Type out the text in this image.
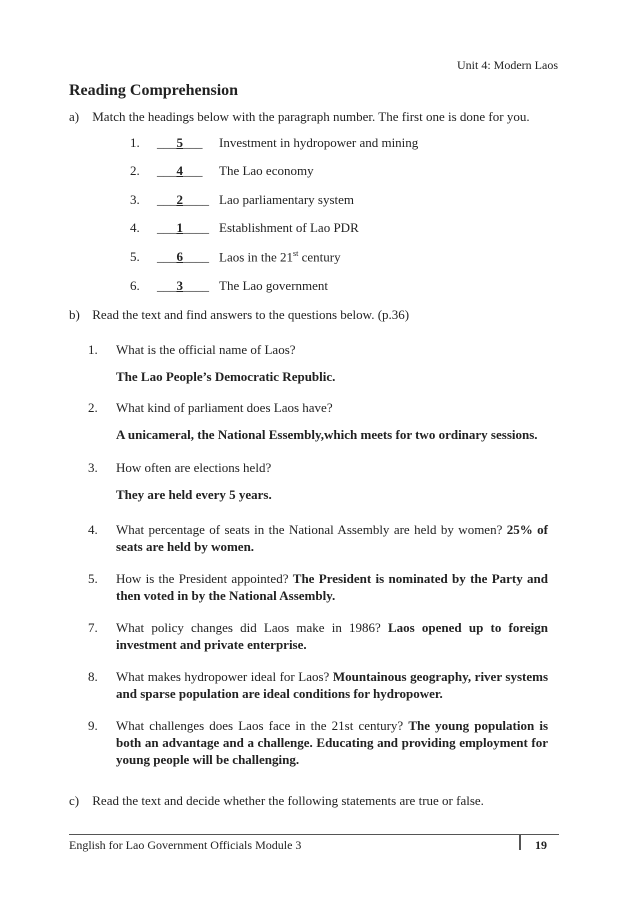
Unit 4: Modern Laos
Reading Comprehension
a) Match the headings below with the paragraph number. The first one is done for you.
1.	___5___	Investment in hydropower and mining
2.	___4___	The Lao economy
3.	___2____ Lao parliamentary system
4.	___1____ Establishment of Lao PDR
5.	___6____ Laos in the 21st century
6.	___3____ The Lao government
b) Read the text and find answers to the questions below. (p.36)
1.	What is the official name of Laos?
The Lao People’s Democratic Republic.
2.	What kind of parliament does Laos have?
A unicameral, the National Essembly,which meets for two ordinary sessions.
3.	How often are elections held?
They are held every 5 years.
4.	What percentage of seats in the National Assembly are held by women? 25% of seats are held by women.
5.	How is the President appointed? The President is nominated by the Party and then voted in by the National Assembly.
7.	What policy changes did Laos make in 1986? Laos opened up to foreign investment and private enterprise.
8.	What makes hydropower ideal for Laos? Mountainous geography, river systems and sparse population are ideal conditions for hydropower.
9.	What challenges does Laos face in the 21st century? The young population is both an advantage and a challenge. Educating and providing employment for young people will be challenging.
c) Read the text and decide whether the following statements are true or false.
English for Lao Government Officials Module 3	19
